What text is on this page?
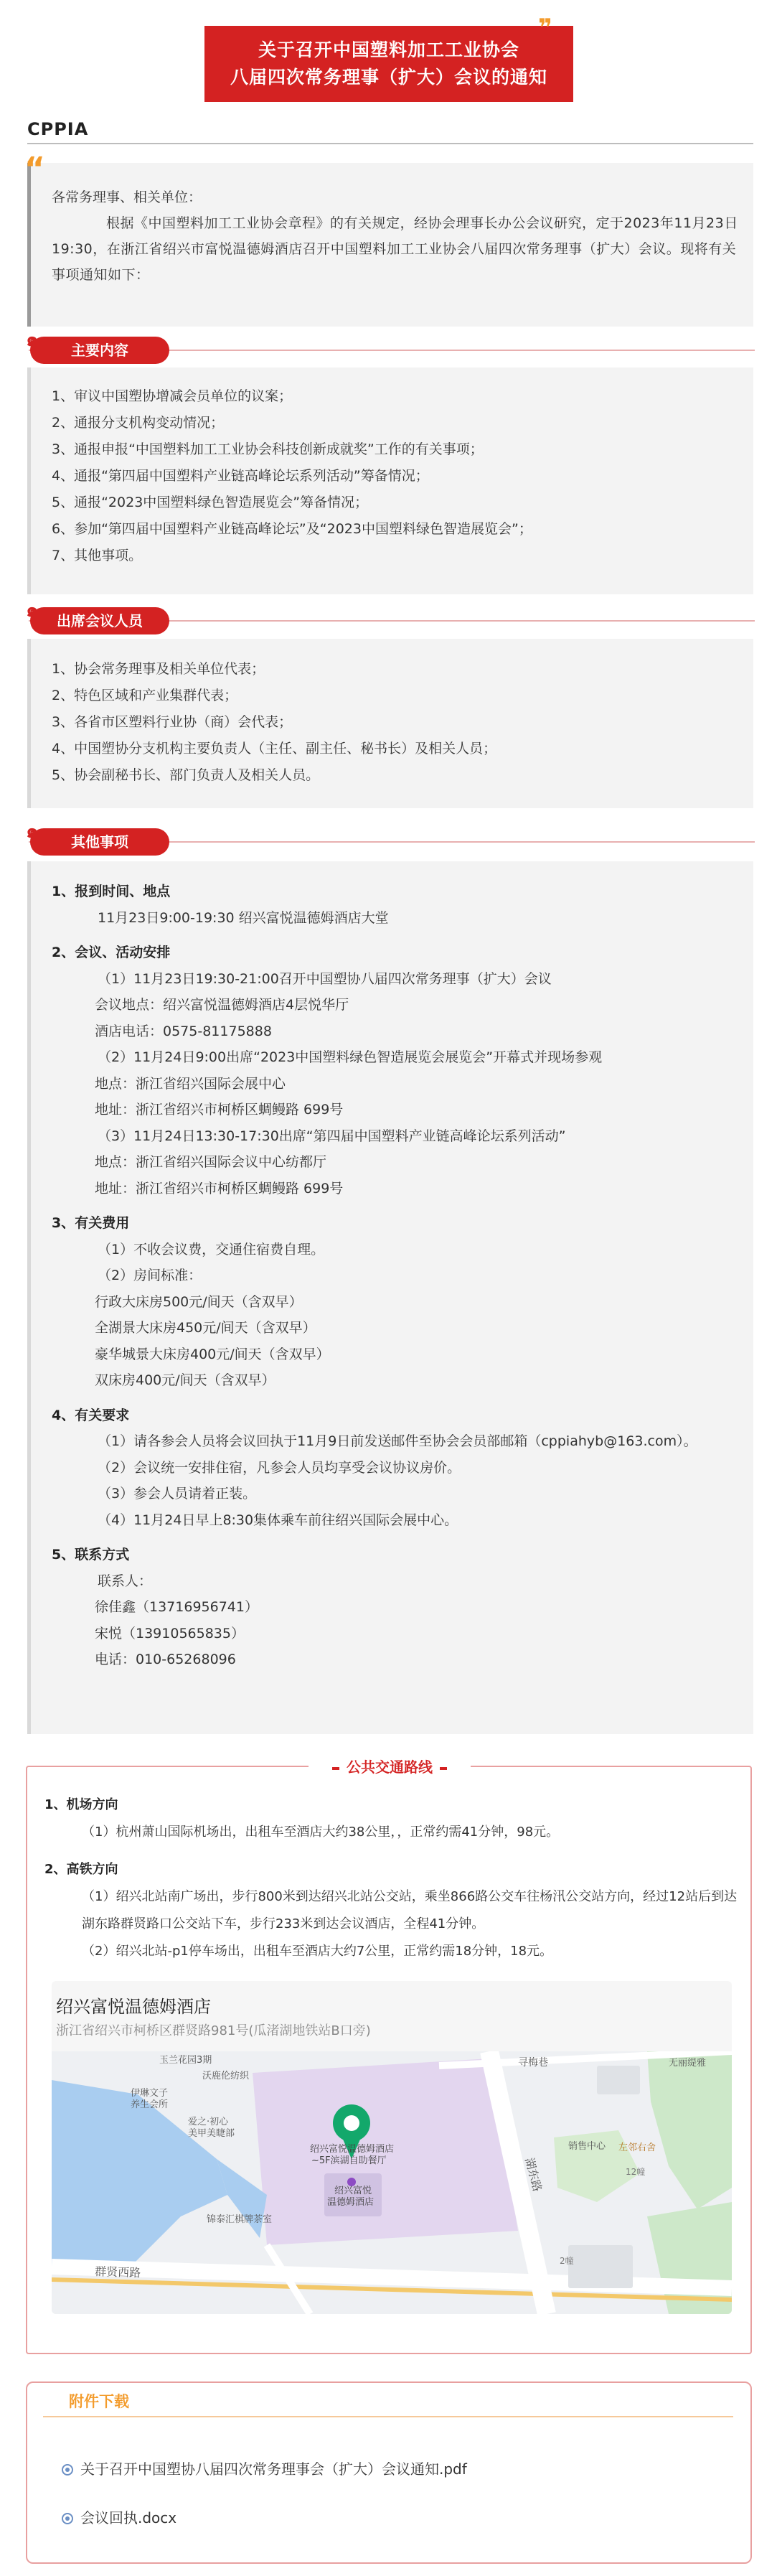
❞
关于召开中国塑料加工工业协会
八届四次常务理事（扩大）会议的通知
CPPIA
“
各常务理事、相关单位：
根据《中国塑料加工工业协会章程》的有关规定，经协会理事长办公会议研究，定于2023年11月23日19:30，在浙江省绍兴市富悦温德姆酒店召开中国塑料加工工业协会八届四次常务理事（扩大）会议。现将有关事项通知如下：
๑ 主要内容
1、审议中国塑协增减会员单位的议案；
2、通报分支机构变动情况；
3、通报申报“中国塑料加工工业协会科技创新成就奖”工作的有关事项；
4、通报“第四届中国塑料产业链高峰论坛系列活动”筹备情况；
5、通报“2023中国塑料绿色智造展览会”筹备情况；
6、参加“第四届中国塑料产业链高峰论坛”及“2023中国塑料绿色智造展览会”；
7、其他事项。
๑ 出席会议人员
1、协会常务理事及相关单位代表；
2、特色区域和产业集群代表；
3、各省市区塑料行业协（商）会代表；
4、中国塑协分支机构主要负责人（主任、副主任、秘书长）及相关人员；
5、协会副秘书长、部门负责人及相关人员。
๑ 其他事项
1、报到时间、地点
11月23日9:00-19:30 绍兴富悦温德姆酒店大堂
2、会议、活动安排
（1）11月23日19:30-21:00召开中国塑协八届四次常务理事（扩大）会议
会议地点：绍兴富悦温德姆酒店4层悦华厅
酒店电话：0575-81175888
（2）11月24日9:00出席“2023中国塑料绿色智造展览会展览会”开幕式并现场参观
地点：浙江省绍兴国际会展中心
地址：浙江省绍兴市柯桥区蜩鳗路 699号
（3）11月24日13:30-17:30出席“第四届中国塑料产业链高峰论坛系列活动”
地点：浙江省绍兴国际会议中心纺都厅
地址：浙江省绍兴市柯桥区蜩鳗路 699号
3、有关费用
（1）不收会议费，交通住宿费自理。
（2）房间标准：
行政大床房500元/间天（含双早）
全湖景大床房450元/间天（含双早）
豪华城景大床房400元/间天（含双早）
双床房400元/间天（含双早）
4、有关要求
（1）请各参会人员将会议回执于11月9日前发送邮件至协会会员部邮箱（cppiahyb@163.com）。
（2）会议统一安排住宿，凡参会人员均享受会议协议房价。
（3）参会人员请着正装。
（4）11月24日早上8:30集体乘车前往绍兴国际会展中心。
5、联系方式
联系人：
徐佳鑫（13716956741）
宋悦（13910565835）
电话：010-65268096
公共交通路线
1、机场方向
（1）杭州萧山国际机场出，出租车至酒店大约38公里，，正常约需41分钟，98元。
2、高铁方向
（1）绍兴北站南广场出，步行800米到达绍兴北站公交站，乘坐866路公交车往杨汛公交站方向，经过12站后到达湖东路群贤路口公交站下车，步行233米到达会议酒店，全程41分钟。
（2）绍兴北站-p1停车场出，出租车至酒店大约7公里，正常约需18分钟，18元。
绍兴富悦温德姆酒店
浙江省绍兴市柯桥区群贤路981号(瓜渚湖地铁站B口旁)
玉兰花园3期
沃鹿伦纺织
伊琳文子
养生会所
爱之·初心
美甲美睫部
绍兴富悦温德姆酒店
~5F滨湖自助餐厅
绍兴富悦
温德姆酒店
锦泰汇棋牌茶室
群贤西路
湖东路
寻梅巷
销售中心 左邻右舍
12幢
2幢
无丽缇雅
附件下载
关于召开中国塑协八届四次常务理事会（扩大）会议通知.pdf
会议回执.docx
